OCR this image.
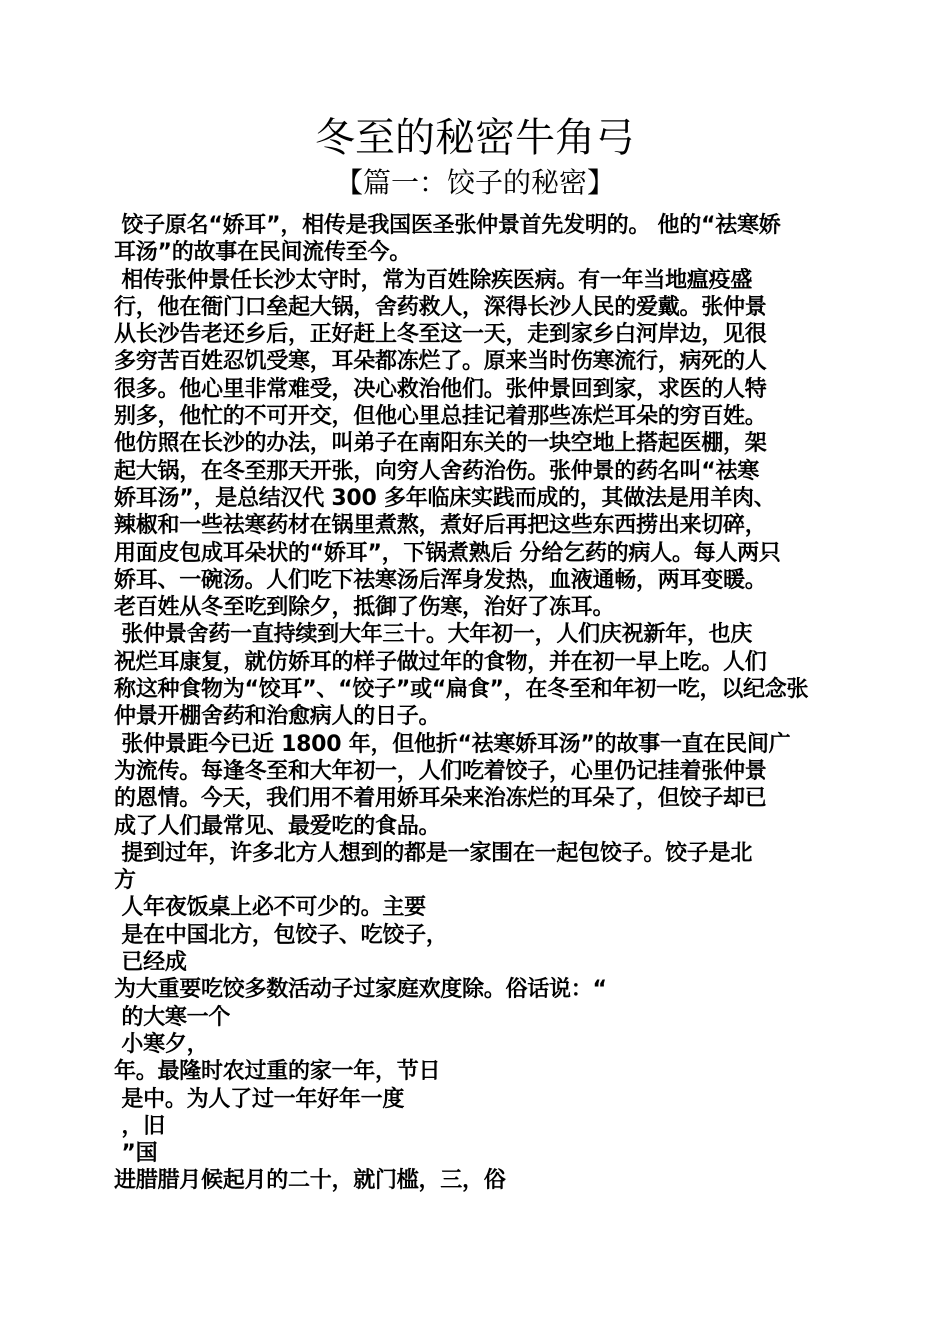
冬至的秘密牛角弓
【篇一：饺子的秘密】
饺子原名“娇耳”，相传是我国医圣张仲景首先发明的。 他的“祛寒娇
耳汤”的故事在民间流传至今。
相传张仲景任长沙太守时，常为百姓除疾医病。有一年当地瘟疫盛
行，他在衙门口垒起大锅，舍药救人，深得长沙人民的爱戴。张仲景
从长沙告老还乡后，正好赶上冬至这一天，走到家乡白河岸边，见很
多穷苦百姓忍饥受寒，耳朵都冻烂了。原来当时伤寒流行，病死的人
很多。他心里非常难受，决心救治他们。张仲景回到家，求医的人特
别多，他忙的不可开交，但他心里总挂记着那些冻烂耳朵的穷百姓。
他仿照在长沙的办法，叫弟子在南阳东关的一块空地上搭起医棚，架
起大锅，在冬至那天开张，向穷人舍药治伤。张仲景的药名叫“祛寒
娇耳汤”，是总结汉代 300 多年临床实践而成的，其做法是用羊肉、
辣椒和一些祛寒药材在锅里煮熬，煮好后再把这些东西捞出来切碎，
用面皮包成耳朵状的“娇耳”，下锅煮熟后 分给乞药的病人。每人两只
娇耳、一碗汤。人们吃下祛寒汤后浑身发热，血液通畅，两耳变暖。
老百姓从冬至吃到除夕，抵御了伤寒，治好了冻耳。
张仲景舍药一直持续到大年三十。大年初一，人们庆祝新年，也庆
祝烂耳康复，就仿娇耳的样子做过年的食物，并在初一早上吃。人们
称这种食物为“饺耳”、“饺子”或“扁食”，在冬至和年初一吃，以纪念张
仲景开棚舍药和治愈病人的日子。
张仲景距今已近 1800 年，但他折“祛寒娇耳汤”的故事一直在民间广
为流传。每逢冬至和大年初一，人们吃着饺子，心里仍记挂着张仲景
的恩情。今天，我们用不着用娇耳朵来治冻烂的耳朵了，但饺子却已
成了人们最常见、最爱吃的食品。
提到过年，许多北方人想到的都是一家围在一起包饺子。饺子是北
方
人年夜饭桌上必不可少的。主要
是在中国北方，包饺子、吃饺子，
已经成
为大重要吃饺多数活动子过家庭欢度除。俗话说：“
的大寒一个
小寒夕，
年。最隆时农过重的家一年，节日
是中。为人了过一年好年一度
，旧
”国
进腊腊月候起月的二十，就门槛，三，俗
